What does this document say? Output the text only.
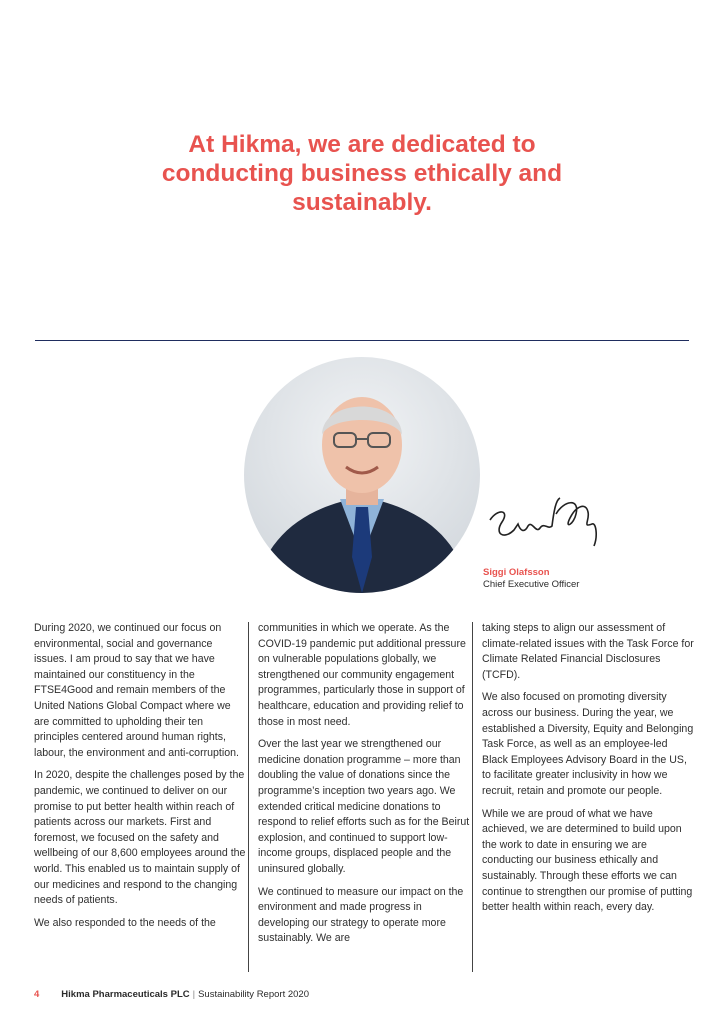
At Hikma, we are dedicated to conducting business ethically and sustainably.

Siggi Olafsson

Chief Executive Officer

During 2020, we continued our focus on environmental, social and governance issues. I am proud to say that we have maintained our constituency in the FTSE4Good and remain members of the United Nations Global Compact where we are committed to upholding their ten principles centered around human rights, labour, the environment and anti-corruption.

In 2020, despite the challenges posed by the pandemic, we continued to deliver on our promise to put better health within reach of patients across our markets. First and foremost, we focused on the safety and wellbeing of our 8,600 employees around the world. This enabled us to maintain supply of our medicines and respond to the changing needs of patients.

We also responded to the needs of the

communities in which we operate. As the COVID-19 pandemic put additional pressure on vulnerable populations globally, we strengthened our community engagement programmes, particularly those in support of healthcare, education and providing relief to those in most need.

Over the last year we strengthened our medicine donation programme – more than doubling the value of donations since the programme’s inception two years ago. We extended critical medicine donations to respond to relief efforts such as for the Beirut explosion, and continued to support low-income groups, displaced people and the uninsured globally.

We continued to measure our impact on the environment and made progress in developing our strategy to operate more sustainably. We are

taking steps to align our assessment of climate-related issues with the Task Force for Climate Related Financial Disclosures (TCFD).

We also focused on promoting diversity across our business. During the year, we established a Diversity, Equity and Belonging Task Force, as well as an employee-led Black Employees Advisory Board in the US, to facilitate greater inclusivity in how we recruit, retain and promote our people.

While we are proud of what we have achieved, we are determined to build upon the work to date in ensuring we are conducting our business ethically and sustainably. Through these efforts we can continue to strengthen our promise of putting better health within reach, every day.

4 Hikma Pharmaceuticals PLC | Sustainability Report 2020
